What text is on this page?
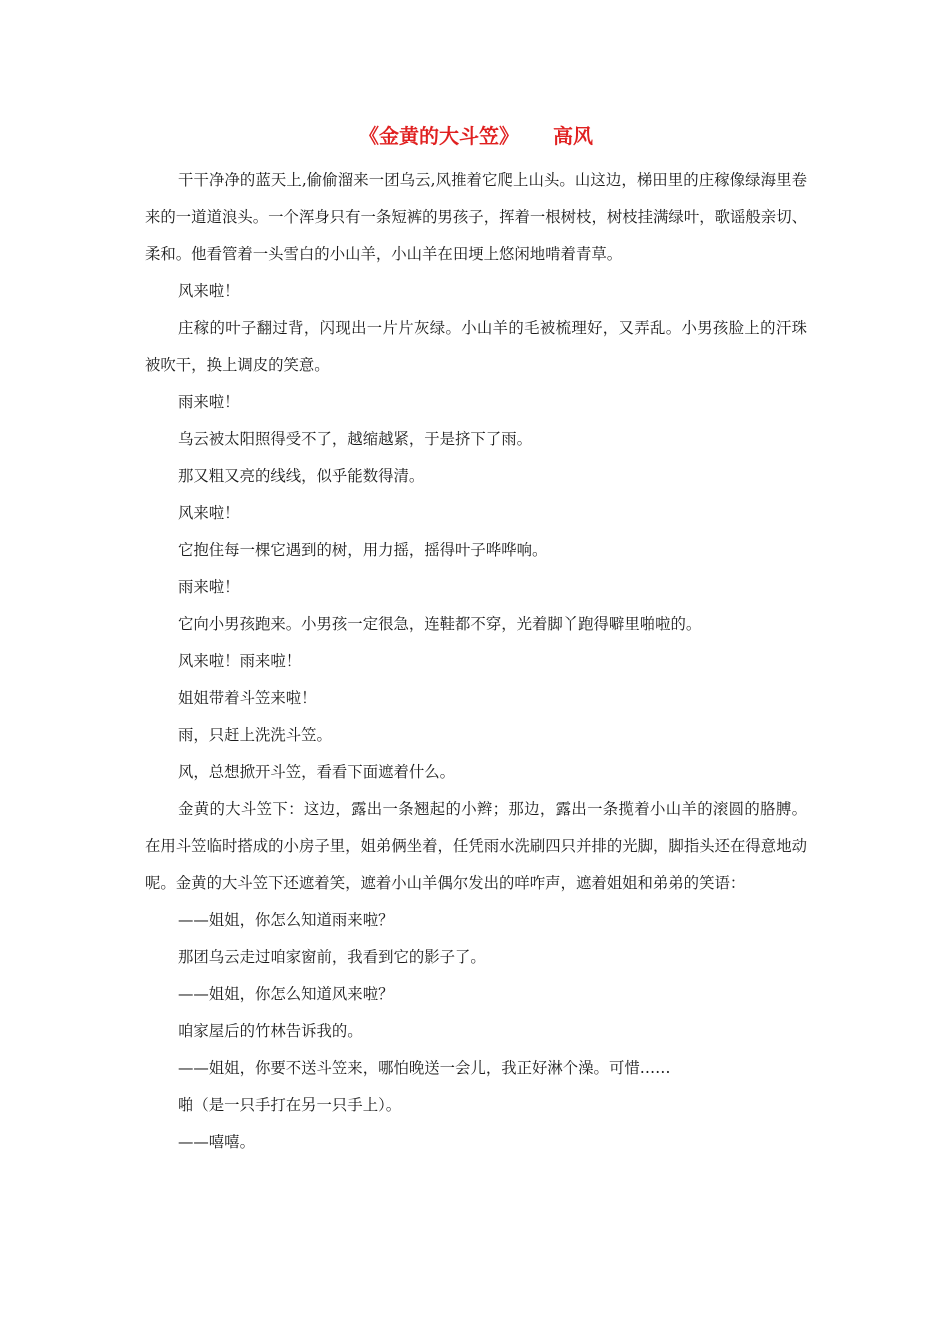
《金黄的大斗笠》 高风

干干净净的蓝天上,偷偷溜来一团乌云,风推着它爬上山头。山这边，梯田里的庄稼像绿海里卷来的一道道浪头。一个浑身只有一条短裤的男孩子，挥着一根树枝，树枝挂满绿叶，歌谣般亲切、柔和。他看管着一头雪白的小山羊，小山羊在田埂上悠闲地啃着青草。

风来啦！

庄稼的叶子翻过背，闪现出一片片灰绿。小山羊的毛被梳理好，又弄乱。小男孩脸上的汗珠被吹干，换上调皮的笑意。

雨来啦！

乌云被太阳照得受不了，越缩越紧，于是挤下了雨。

那又粗又亮的线线，似乎能数得清。

风来啦！

它抱住每一棵它遇到的树，用力摇，摇得叶子哗哗响。

雨来啦！

它向小男孩跑来。小男孩一定很急，连鞋都不穿，光着脚丫跑得噼里啪啦的。

风来啦！雨来啦！

姐姐带着斗笠来啦！

雨，只赶上洗洗斗笠。

风，总想掀开斗笠，看看下面遮着什么。

金黄的大斗笠下：这边，露出一条翘起的小辫；那边，露出一条揽着小山羊的滚圆的胳膊。在用斗笠临时搭成的小房子里，姐弟俩坐着，任凭雨水洗刷四只并排的光脚，脚指头还在得意地动呢。金黄的大斗笠下还遮着笑，遮着小山羊偶尔发出的咩咋声，遮着姐姐和弟弟的笑语：

——姐姐，你怎么知道雨来啦？

那团乌云走过咱家窗前，我看到它的影子了。

——姐姐，你怎么知道风来啦？

咱家屋后的竹林告诉我的。

——姐姐，你要不送斗笠来，哪怕晚送一会儿，我正好淋个澡。可惜……

啪（是一只手打在另一只手上）。

——嘻嘻。
